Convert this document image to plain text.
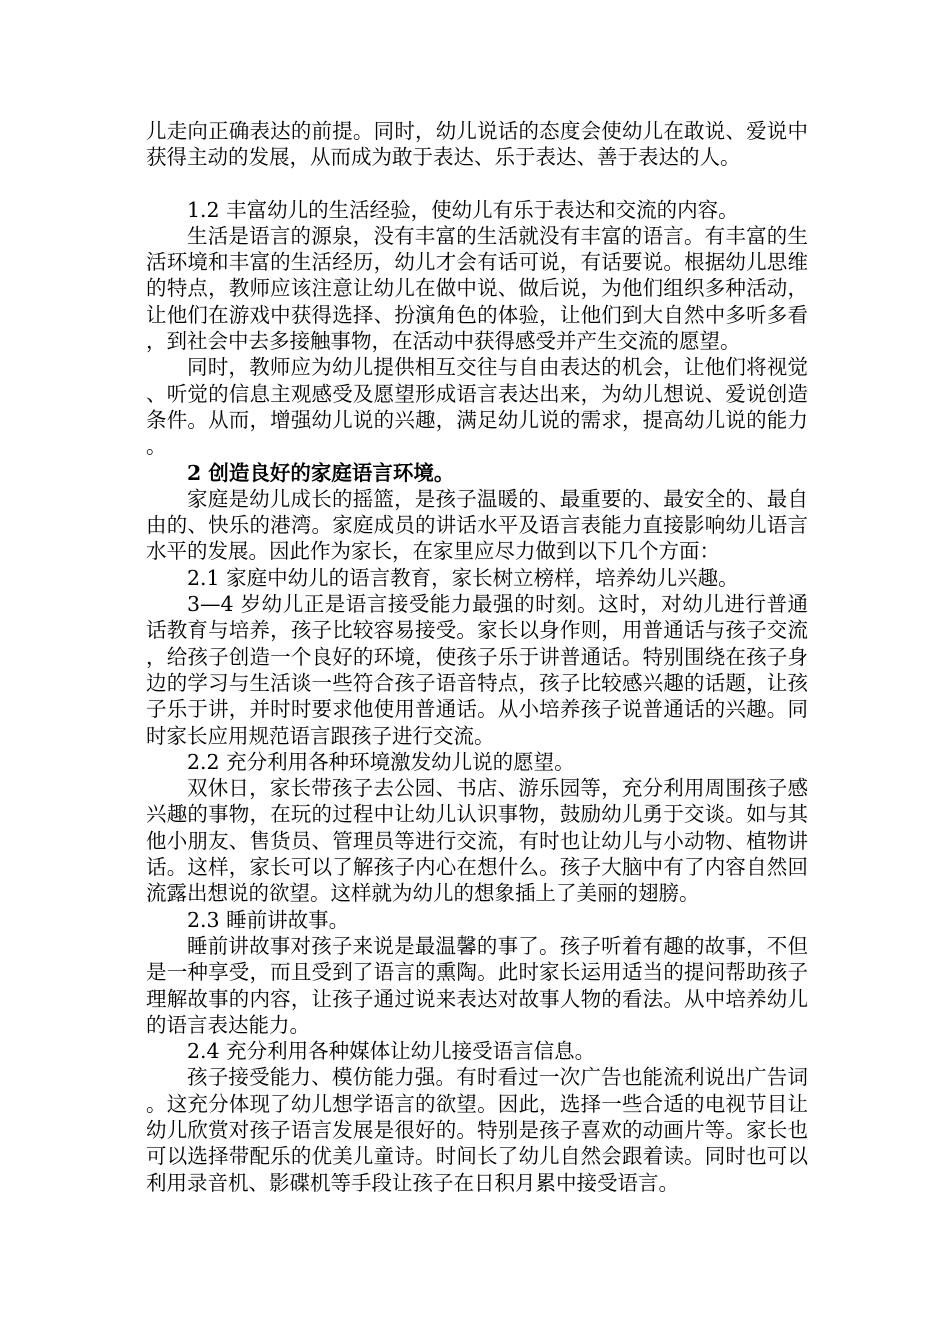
儿走向正确表达的前提。同时，幼儿说话的态度会使幼儿在敢说、爱说中获得主动的发展，从而成为敢于表达、乐于表达、善于表达的人。

1.2 丰富幼儿的生活经验，使幼儿有乐于表达和交流的内容。

生活是语言的源泉，没有丰富的生活就没有丰富的语言。有丰富的生活环境和丰富的生活经历，幼儿才会有话可说，有话要说。根据幼儿思维的特点，教师应该注意让幼儿在做中说、做后说，为他们组织多种活动，让他们在游戏中获得选择、扮演角色的体验，让他们到大自然中多听多看，到社会中去多接触事物，在活动中获得感受并产生交流的愿望。

同时，教师应为幼儿提供相互交往与自由表达的机会，让他们将视觉、听觉的信息主观感受及愿望形成语言表达出来，为幼儿想说、爱说创造条件。从而，增强幼儿说的兴趣，满足幼儿说的需求，提高幼儿说的能力。

2 创造良好的家庭语言环境。

家庭是幼儿成长的摇篮，是孩子温暖的、最重要的、最安全的、最自由的、快乐的港湾。家庭成员的讲话水平及语言表能力直接影响幼儿语言水平的发展。因此作为家长，在家里应尽力做到以下几个方面：

2.1 家庭中幼儿的语言教育，家长树立榜样，培养幼儿兴趣。

3—4 岁幼儿正是语言接受能力最强的时刻。这时，对幼儿进行普通话教育与培养，孩子比较容易接受。家长以身作则，用普通话与孩子交流，给孩子创造一个良好的环境，使孩子乐于讲普通话。特别围绕在孩子身边的学习与生活谈一些符合孩子语音特点，孩子比较感兴趣的话题，让孩子乐于讲，并时时要求他使用普通话。从小培养孩子说普通话的兴趣。同时家长应用规范语言跟孩子进行交流。

2.2 充分利用各种环境激发幼儿说的愿望。

双休日，家长带孩子去公园、书店、游乐园等，充分利用周围孩子感兴趣的事物，在玩的过程中让幼儿认识事物，鼓励幼儿勇于交谈。如与其他小朋友、售货员、管理员等进行交流，有时也让幼儿与小动物、植物讲话。这样，家长可以了解孩子内心在想什么。孩子大脑中有了内容自然回流露出想说的欲望。这样就为幼儿的想象插上了美丽的翅膀。

2.3 睡前讲故事。

睡前讲故事对孩子来说是最温馨的事了。孩子听着有趣的故事，不但是一种享受，而且受到了语言的熏陶。此时家长运用适当的提问帮助孩子理解故事的内容，让孩子通过说来表达对故事人物的看法。从中培养幼儿的语言表达能力。

2.4 充分利用各种媒体让幼儿接受语言信息。

孩子接受能力、模仿能力强。有时看过一次广告也能流利说出广告词。这充分体现了幼儿想学语言的欲望。因此，选择一些合适的电视节目让幼儿欣赏对孩子语言发展是很好的。特别是孩子喜欢的动画片等。家长也可以选择带配乐的优美儿童诗。时间长了幼儿自然会跟着读。同时也可以利用录音机、影碟机等手段让孩子在日积月累中接受语言。
